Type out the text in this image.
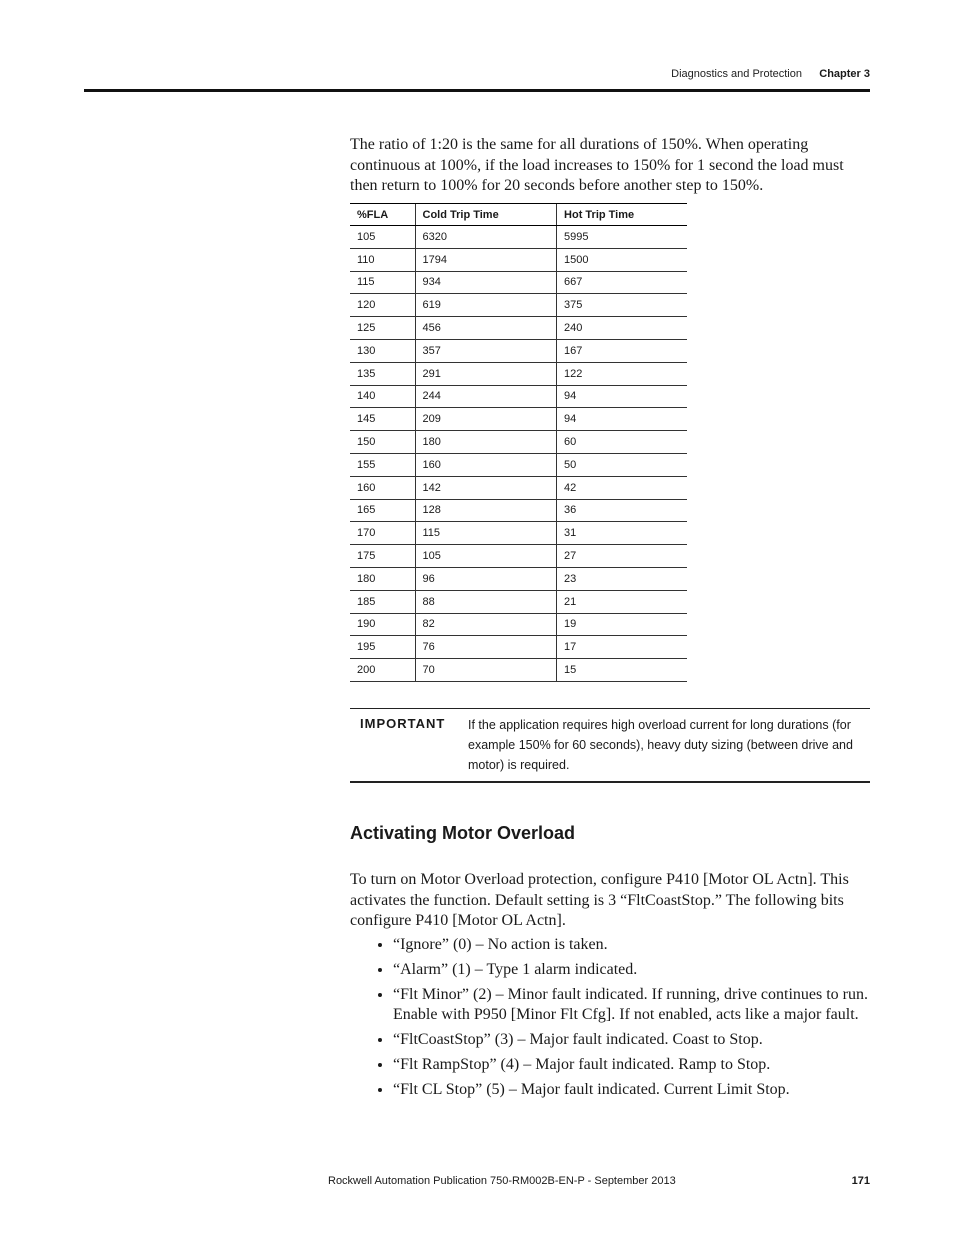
Diagnostics and Protection Chapter 3

The ratio of 1:20 is the same for all durations of 150%. When operating continuous at 100%, if the load increases to 150% for 1 second the load must then return to 100% for 20 seconds before another step to 150%.

%FLA	Cold Trip Time	Hot Trip Time
105	6320	5995
110	1794	1500
115	934	667
120	619	375
125	456	240
130	357	167
135	291	122
140	244	94
145	209	94
150	180	60
155	160	50
160	142	42
165	128	36
170	115	31
175	105	27
180	96	23
185	88	21
190	82	19
195	76	17
200	70	15
IMPORTANT If the application requires high overload current for long durations (for example 150% for 60 seconds), heavy duty sizing (between drive and motor) is required.
Activating Motor Overload

To turn on Motor Overload protection, configure P410 [Motor OL Actn]. This activates the function. Default setting is 3 “FltCoastStop.” The following bits configure P410 [Motor OL Actn].

• “Ignore” (0) – No action is taken.
• “Alarm” (1) – Type 1 alarm indicated.
• “Flt Minor” (2) – Minor fault indicated. If running, drive continues to run. Enable with P950 [Minor Flt Cfg]. If not enabled, acts like a major fault.
• “FltCoastStop” (3) – Major fault indicated. Coast to Stop.
• “Flt RampStop” (4) – Major fault indicated. Ramp to Stop.
• “Flt CL Stop” (5) – Major fault indicated. Current Limit Stop.
Rockwell Automation Publication 750-RM002B-EN-P - September 2013	171
